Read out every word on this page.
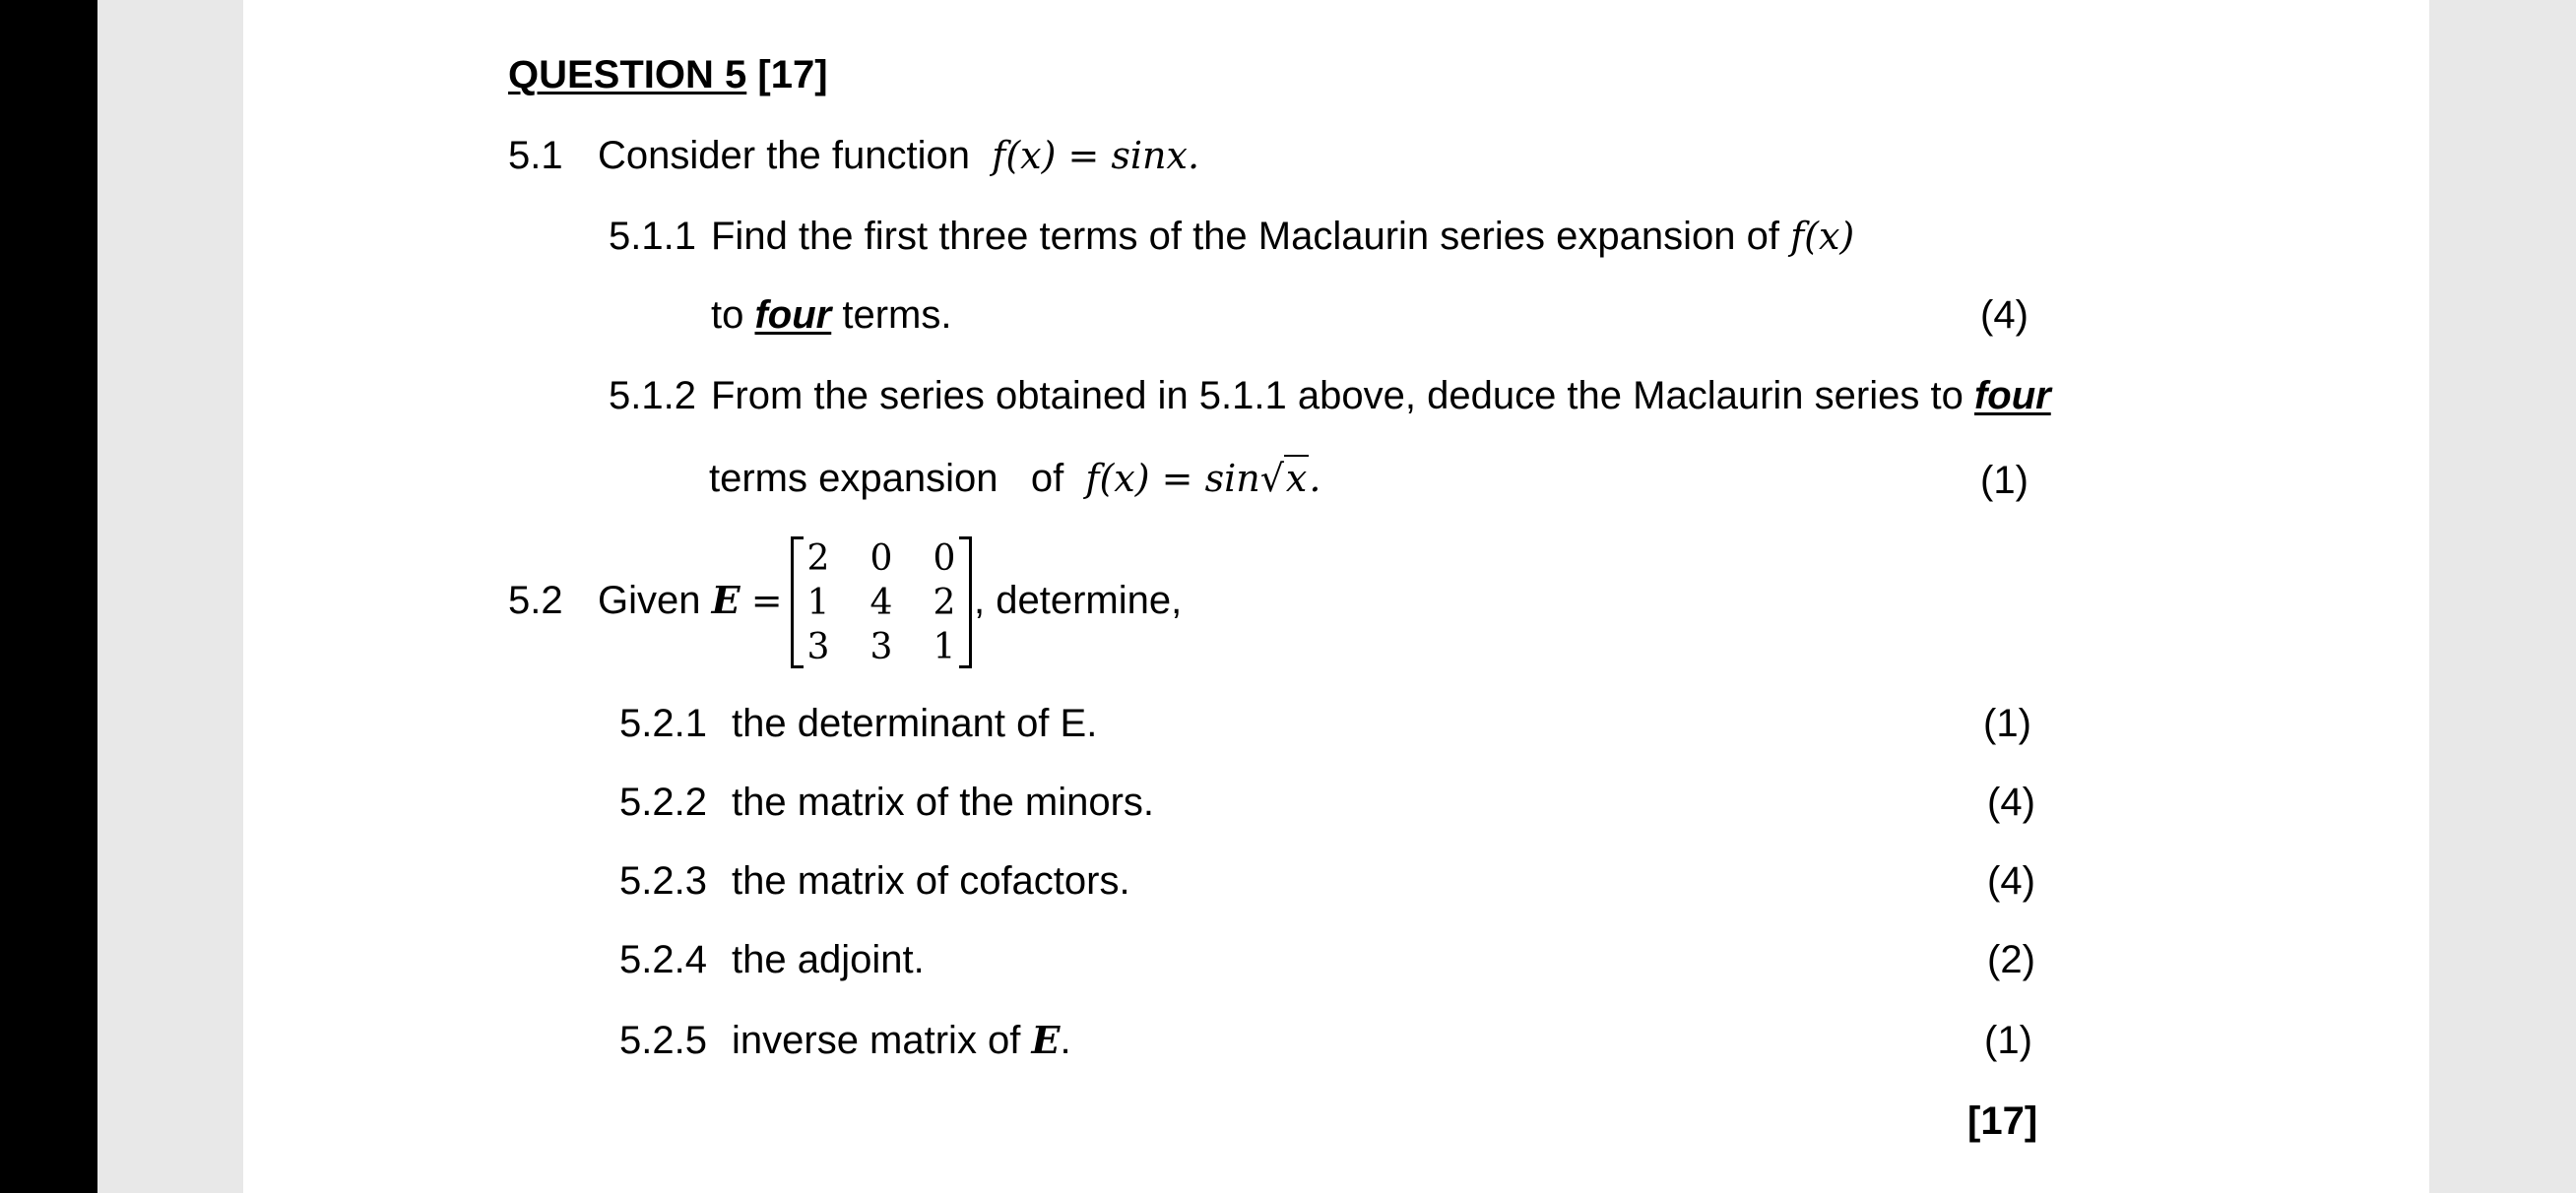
QUESTION 5 [17]
5.1 Consider the function f(x) = sinx.
5.1.1 Find the first three terms of the Maclaurin series expansion of f(x)
to four terms.	(4)
5.1.2 From the series obtained in 5.1.1 above, deduce the Maclaurin series to four
terms expansion   of f(x) = sin√x.	(1)
5.2 Given E =
2 0 0
1 4 2
3 3 1
, determine,
5.2.1 the determinant of E.	(1)
5.2.2 the matrix of the minors.	(4)
5.2.3 the matrix of cofactors.	(4)
5.2.4 the adjoint.	(2)
5.2.5 inverse matrix of E.	(1)
[17]
